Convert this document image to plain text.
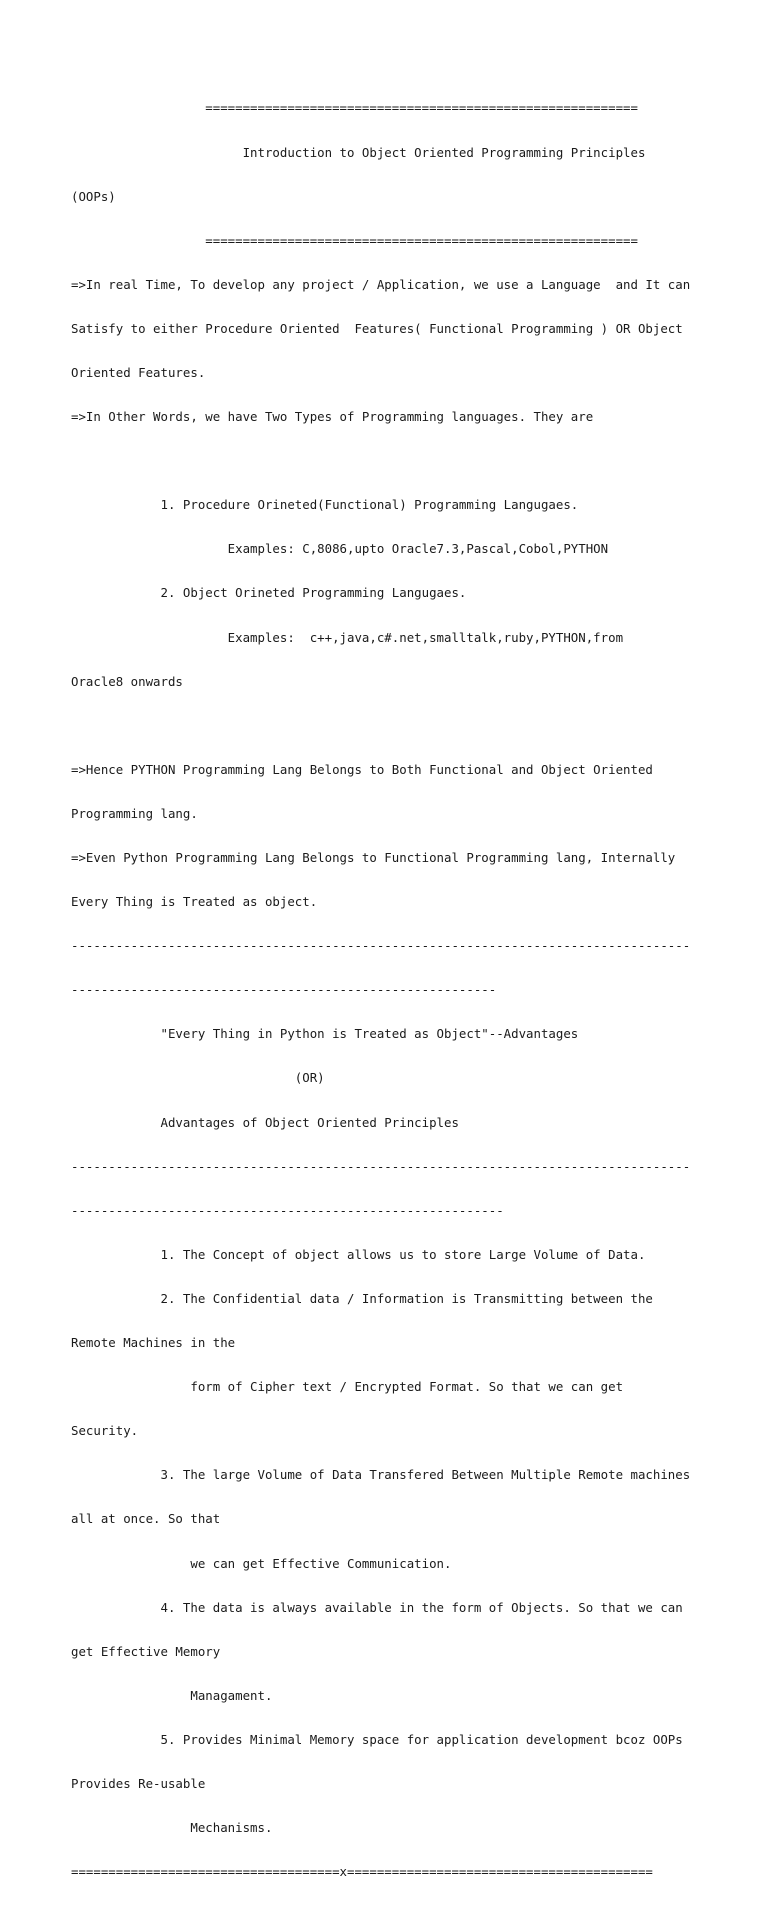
==========================================================

Introduction to Object Oriented Programming Principles

(OOPs)

==========================================================

=>In real Time, To develop any project / Application, we use a Language  and It can

Satisfy to either Procedure Oriented  Features( Functional Programming ) OR Object

Oriented Features.

=>In Other Words, we have Two Types of Programming languages. They are

1. Procedure Orineted(Functional) Programming Langugaes.

Examples: C,8086,upto Oracle7.3,Pascal,Cobol,PYTHON

2. Object Orineted Programming Langugaes.

Examples:  c++,java,c#.net,smalltalk,ruby,PYTHON,from

Oracle8 onwards

=>Hence PYTHON Programming Lang Belongs to Both Functional and Object Oriented

Programming lang.

=>Even Python Programming Lang Belongs to Functional Programming lang, Internally

Every Thing is Treated as object.

-----------------------------------------------------------------------------------

---------------------------------------------------------

"Every Thing in Python is Treated as Object"--Advantages

(OR)

Advantages of Object Oriented Principles

-----------------------------------------------------------------------------------

----------------------------------------------------------

1. The Concept of object allows us to store Large Volume of Data.

2. The Confidential data / Information is Transmitting between the

Remote Machines in the

form of Cipher text / Encrypted Format. So that we can get

Security.

3. The large Volume of Data Transfered Between Multiple Remote machines

all at once. So that

we can get Effective Communication.

4. The data is always available in the form of Objects. So that we can

get Effective Memory

Managament.

5. Provides Minimal Memory space for application development bcoz OOPs

Provides Re-usable

Mechanisms.

====================================x=========================================
